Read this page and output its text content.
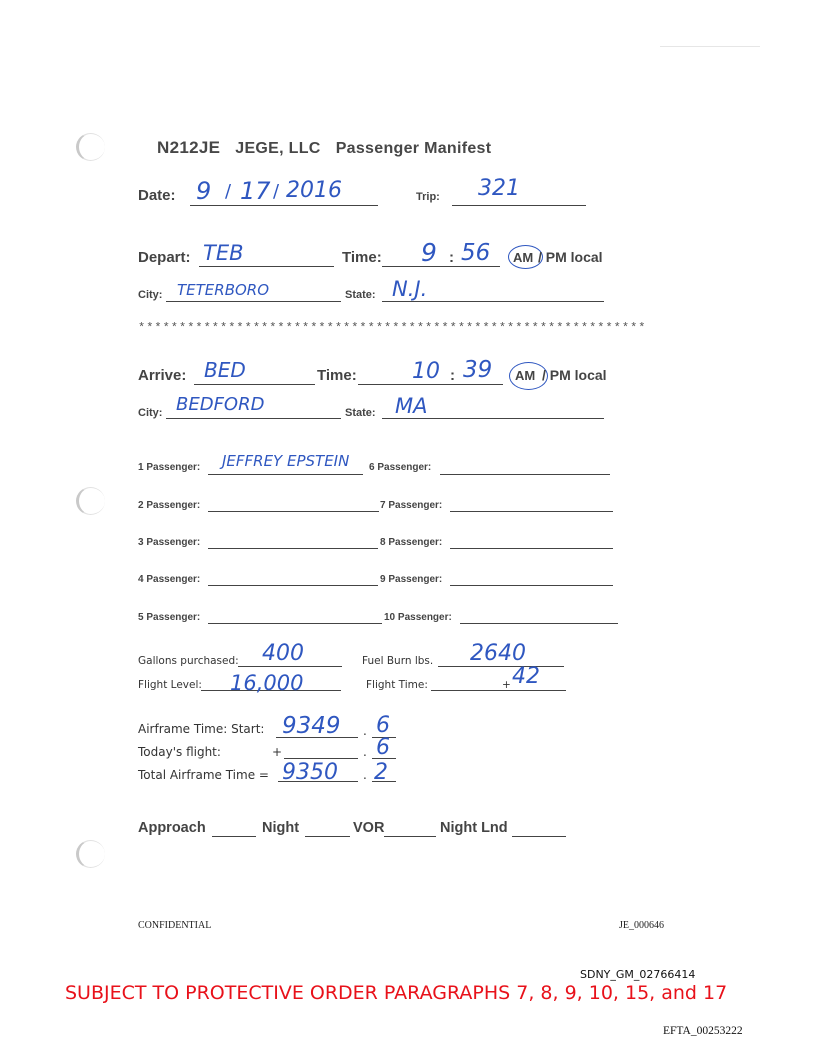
N212JE JEGE, LLC Passenger Manifest
Date: 9 / 17 / 2016	Trip: 321
Depart: TEB	Time: 9 : 56 AM / PM local
City: TETERBORO	State: N.J.
**************************************************************
Arrive: BED	Time:	10 : 39 AM / PM local
City: BEDFORD	State: MA
1 Passenger: JEFFREY EPSTEIN 6 Passenger:
2 Passenger:	7 Passenger:
3 Passenger:	8 Passenger:
4 Passenger:	9 Passenger:
5 Passenger:	10 Passenger:
Gallons purchased: 400	Fuel Burn lbs. 2640
Flight Level: 16,000	Flight Time:	+ 42
Airframe Time: Start: 9349 . 6
Today's flight:	+	. 6
Total Airframe Time = 9350 . 2
Approach	Night	VOR	Night Lnd
CONFIDENTIAL	JE_000646
SDNY_GM_02766414
SUBJECT TO PROTECTIVE ORDER PARAGRAPHS 7, 8, 9, 10, 15, and 17
EFTA_00253222
